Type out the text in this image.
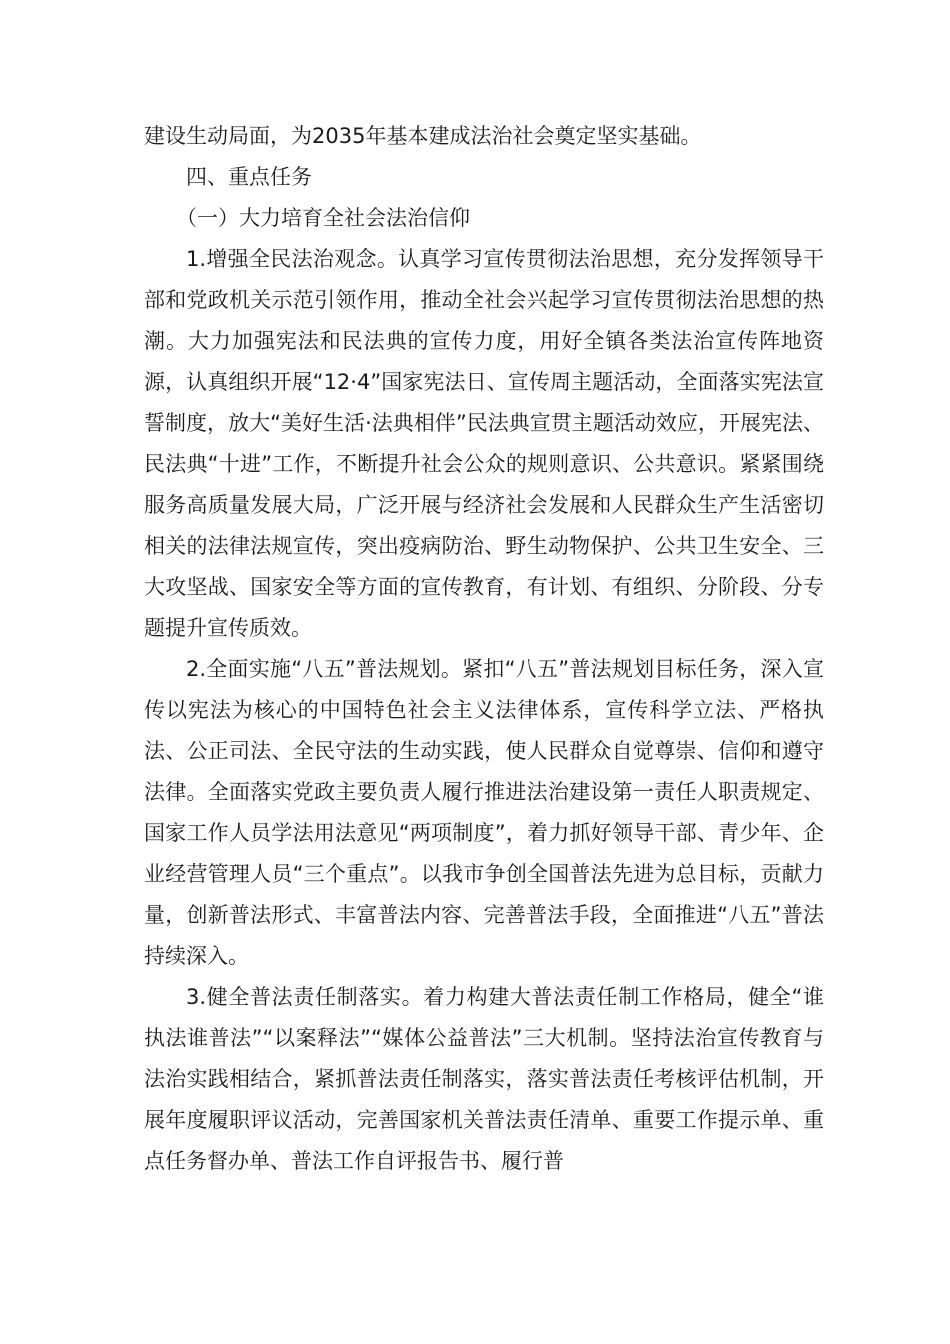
建设生动局面，为2035年基本建成法治社会奠定坚实基础。

四、重点任务

（一）大力培育全社会法治信仰

1.增强全民法治观念。认真学习宣传贯彻法治思想，充分发挥领导干部和党政机关示范引领作用，推动全社会兴起学习宣传贯彻法治思想的热潮。大力加强宪法和民法典的宣传力度，用好全镇各类法治宣传阵地资源，认真组织开展“12·4”国家宪法日、宣传周主题活动，全面落实宪法宣誓制度，放大“美好生活·法典相伴”民法典宣贯主题活动效应，开展宪法、民法典“十进”工作，不断提升社会公众的规则意识、公共意识。紧紧围绕服务高质量发展大局，广泛开展与经济社会发展和人民群众生产生活密切相关的法律法规宣传，突出疫病防治、野生动物保护、公共卫生安全、三大攻坚战、国家安全等方面的宣传教育，有计划、有组织、分阶段、分专题提升宣传质效。

2.全面实施“八五”普法规划。紧扣“八五”普法规划目标任务，深入宣传以宪法为核心的中国特色社会主义法律体系，宣传科学立法、严格执法、公正司法、全民守法的生动实践，使人民群众自觉尊崇、信仰和遵守法律。全面落实党政主要负责人履行推进法治建设第一责任人职责规定、国家工作人员学法用法意见“两项制度”，着力抓好领导干部、青少年、企业经营管理人员“三个重点”。以我市争创全国普法先进为总目标，贡献力量，创新普法形式、丰富普法内容、完善普法手段，全面推进“八五”普法持续深入。

3.健全普法责任制落实。着力构建大普法责任制工作格局，健全“谁执法谁普法”“以案释法”“媒体公益普法”三大机制。坚持法治宣传教育与法治实践相结合，紧抓普法责任制落实，落实普法责任考核评估机制，开展年度履职评议活动，完善国家机关普法责任清单、重要工作提示单、重点任务督办单、普法工作自评报告书、履行普
